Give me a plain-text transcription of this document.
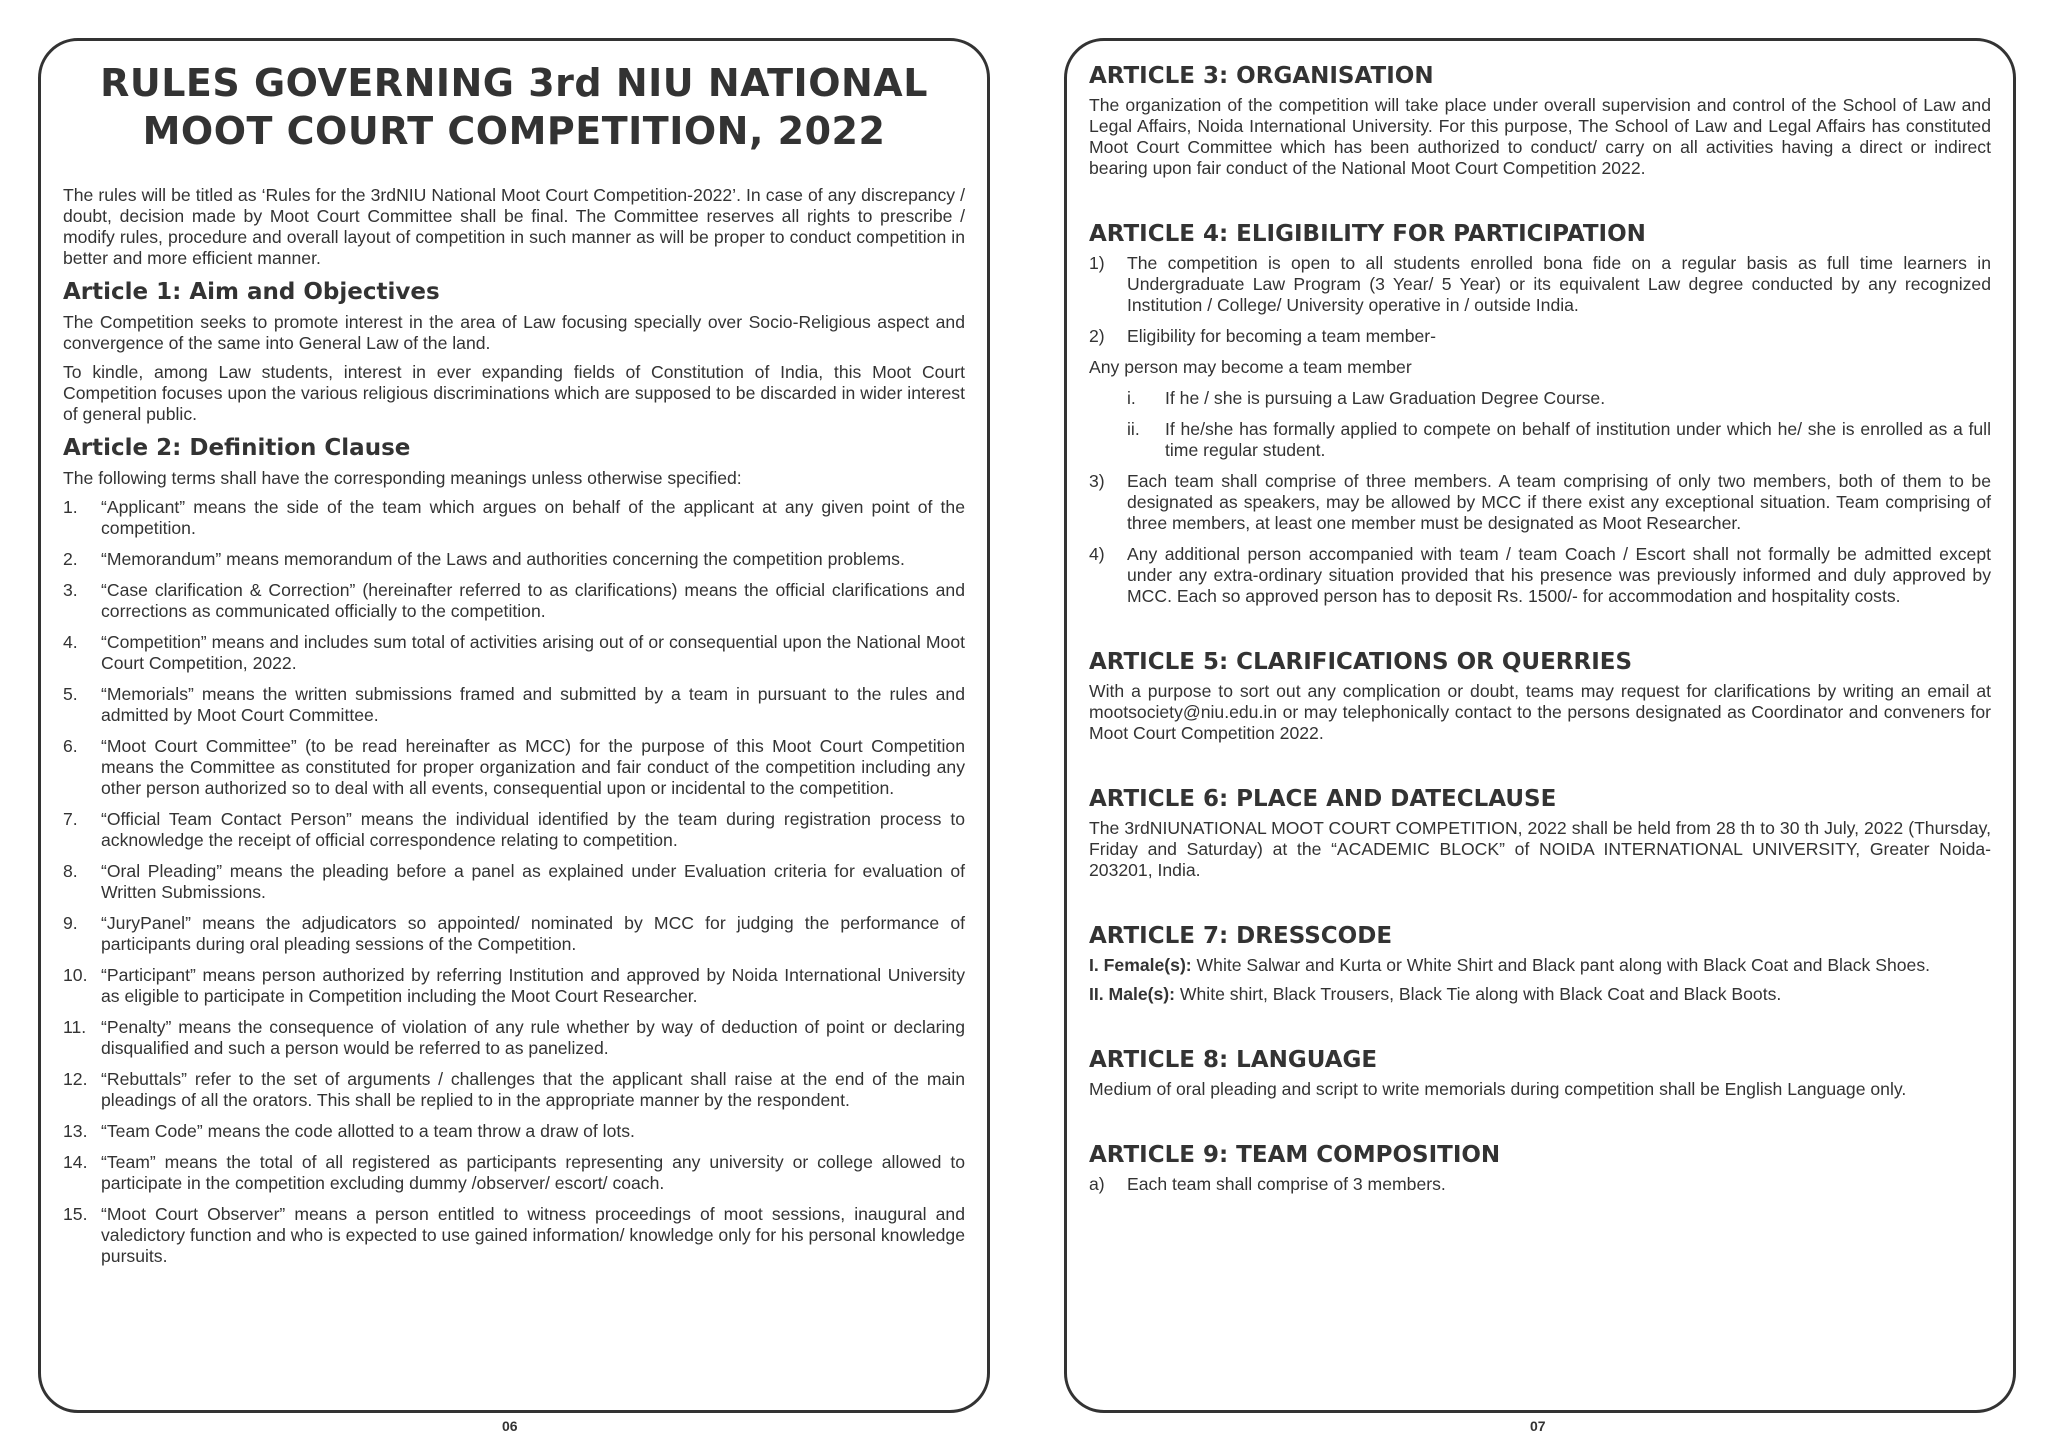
RULES GOVERNING 3rd NIU NATIONAL
MOOT COURT COMPETITION, 2022

The rules will be titled as ‘Rules for the 3rdNIU National Moot Court Competition-2022’. In case of any discrepancy / doubt, decision made by Moot Court Committee shall be final. The Committee reserves all rights to prescribe / modify rules, procedure and overall layout of competition in such manner as will be proper to conduct competition in better and more efficient manner.

Article 1: Aim and Objectives

The Competition seeks to promote interest in the area of Law focusing specially over Socio-Religious aspect and convergence of the same into General Law of the land.

To kindle, among Law students, interest in ever expanding fields of Constitution of India, this Moot Court Competition focuses upon the various religious discriminations which are supposed to be discarded in wider interest of general public.

Article 2: Definition Clause

The following terms shall have the corresponding meanings unless otherwise specified:

1.	“Applicant” means the side of the team which argues on behalf of the applicant at any given point of the competition.
2.	“Memorandum” means memorandum of the Laws and authorities concerning the competition problems.
3.	“Case clarification & Correction” (hereinafter referred to as clarifications) means the official clarifications and corrections as communicated officially to the competition.
4.	“Competition” means and includes sum total of activities arising out of or consequential upon the National Moot Court Competition, 2022.
5.	“Memorials” means the written submissions framed and submitted by a team in pursuant to the rules and admitted by Moot Court Committee.
6.	“Moot Court Committee” (to be read hereinafter as MCC) for the purpose of this Moot Court Competition means the Committee as constituted for proper organization and fair conduct of the competition including any other person authorized so to deal with all events, consequential upon or incidental to the competition.
7.	“Official Team Contact Person” means the individual identified by the team during registration process to acknowledge the receipt of official correspondence relating to competition.
8.	“Oral Pleading” means the pleading before a panel as explained under Evaluation criteria for evaluation of Written Submissions.
9.	“JuryPanel” means the adjudicators so appointed/ nominated by MCC for judging the performance of participants during oral pleading sessions of the Competition.
10. “Participant” means person authorized by referring Institution and approved by Noida International University as eligible to participate in Competition including the Moot Court Researcher.
11. “Penalty” means the consequence of violation of any rule whether by way of deduction of point or declaring disqualified and such a person would be referred to as panelized.
12. “Rebuttals” refer to the set of arguments / challenges that the applicant shall raise at the end of the main pleadings of all the orators. This shall be replied to in the appropriate manner by the respondent.
13. “Team Code” means the code allotted to a team throw a draw of lots.
14. “Team” means the total of all registered as participants representing any university or college allowed to participate in the competition excluding dummy /observer/ escort/ coach.
15. “Moot Court Observer” means a person entitled to witness proceedings of moot sessions, inaugural and valedictory function and who is expected to use gained information/ knowledge only for his personal knowledge pursuits.
06
ARTICLE 3: ORGANISATION

The organization of the competition will take place under overall supervision and control of the School of Law and Legal Affairs, Noida International University. For this purpose, The School of Law and Legal Affairs has constituted Moot Court Committee which has been authorized to conduct/ carry on all activities having a direct or indirect bearing upon fair conduct of the National Moot Court Competition 2022.

ARTICLE 4: ELIGIBILITY FOR PARTICIPATION
1)	The competition is open to all students enrolled bona fide on a regular basis as full time learners in Undergraduate Law Program (3 Year/ 5 Year) or its equivalent Law degree conducted by any recognized Institution / College/ University operative in / outside India.
2)	Eligibility for becoming a team member-

Any person may become a team member

i.	If he / she is pursuing a Law Graduation Degree Course.
ii.	If he/she has formally applied to compete on behalf of institution under which he/ she is enrolled as a full time regular student.
3)	Each team shall comprise of three members. A team comprising of only two members, both of them to be designated as speakers, may be allowed by MCC if there exist any exceptional situation. Team comprising of three members, at least one member must be designated as Moot Researcher.
4)	Any additional person accompanied with team / team Coach / Escort shall not formally be admitted except under any extra-ordinary situation provided that his presence was previously informed and duly approved by MCC. Each so approved person has to deposit Rs. 1500/- for accommodation and hospitality costs.
ARTICLE 5: CLARIFICATIONS OR QUERRIES

With a purpose to sort out any complication or doubt, teams may request for clarifications by writing an email at mootsociety@niu.edu.in or may telephonically contact to the persons designated as Coordinator and conveners for Moot Court Competition 2022.

ARTICLE 6: PLACE AND DATECLAUSE

The 3rdNIUNATIONAL MOOT COURT COMPETITION, 2022 shall be held from 28 th to 30 th July, 2022 (Thursday, Friday and Saturday) at the “ACADEMIC BLOCK” of NOIDA INTERNATIONAL UNIVERSITY, Greater Noida-203201, India.

ARTICLE 7: DRESSCODE

I. Female(s): White Salwar and Kurta or White Shirt and Black pant along with Black Coat and Black Shoes.

II. Male(s): White shirt, Black Trousers, Black Tie along with Black Coat and Black Boots.

ARTICLE 8: LANGUAGE

Medium of oral pleading and script to write memorials during competition shall be English Language only.

ARTICLE 9: TEAM COMPOSITION
a)	Each team shall comprise of 3 members.
07
